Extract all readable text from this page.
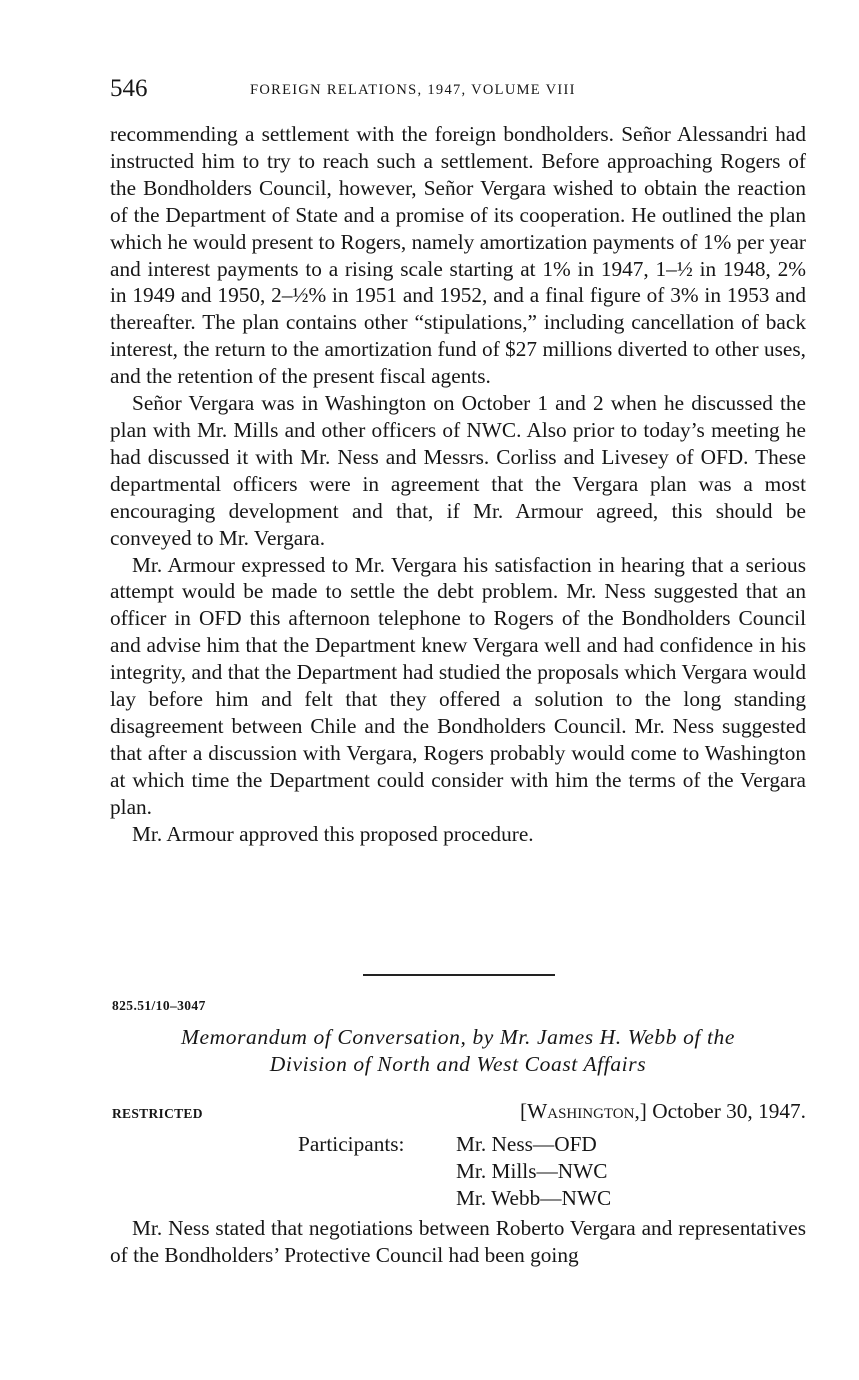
546	FOREIGN RELATIONS, 1947, VOLUME VIII

recommending a settlement with the foreign bondholders. Señor Alessandri had instructed him to try to reach such a settlement. Before approaching Rogers of the Bondholders Council, however, Señor Vergara wished to obtain the reaction of the Department of State and a promise of its cooperation. He outlined the plan which he would present to Rogers, namely amortization payments of 1% per year and interest payments to a rising scale starting at 1% in 1947, 1–½ in 1948, 2% in 1949 and 1950, 2–½% in 1951 and 1952, and a final figure of 3% in 1953 and thereafter. The plan contains other “stipulations,” including cancellation of back interest, the return to the amortization fund of $27 millions diverted to other uses, and the retention of the present fiscal agents.

Señor Vergara was in Washington on October 1 and 2 when he discussed the plan with Mr. Mills and other officers of NWC. Also prior to today’s meeting he had discussed it with Mr. Ness and Messrs. Corliss and Livesey of OFD. These departmental officers were in agreement that the Vergara plan was a most encouraging development and that, if Mr. Armour agreed, this should be conveyed to Mr. Vergara.

Mr. Armour expressed to Mr. Vergara his satisfaction in hearing that a serious attempt would be made to settle the debt problem. Mr. Ness suggested that an officer in OFD this afternoon telephone to Rogers of the Bondholders Council and advise him that the Department knew Vergara well and had confidence in his integrity, and that the Department had studied the proposals which Vergara would lay before him and felt that they offered a solution to the long standing disagreement between Chile and the Bondholders Council. Mr. Ness suggested that after a discussion with Vergara, Rogers probably would come to Washington at which time the Department could consider with him the terms of the Vergara plan.

Mr. Armour approved this proposed procedure.

825.51/10–3047
Memorandum of Conversation, by Mr. James H. Webb of the
Division of North and West Coast Affairs
RESTRICTED	[Washington,] October 30, 1947.
Participants: Mr. Ness—OFD
Mr. Mills—NWC
Mr. Webb—NWC

Mr. Ness stated that negotiations between Roberto Vergara and representatives of the Bondholders’ Protective Council had been going
